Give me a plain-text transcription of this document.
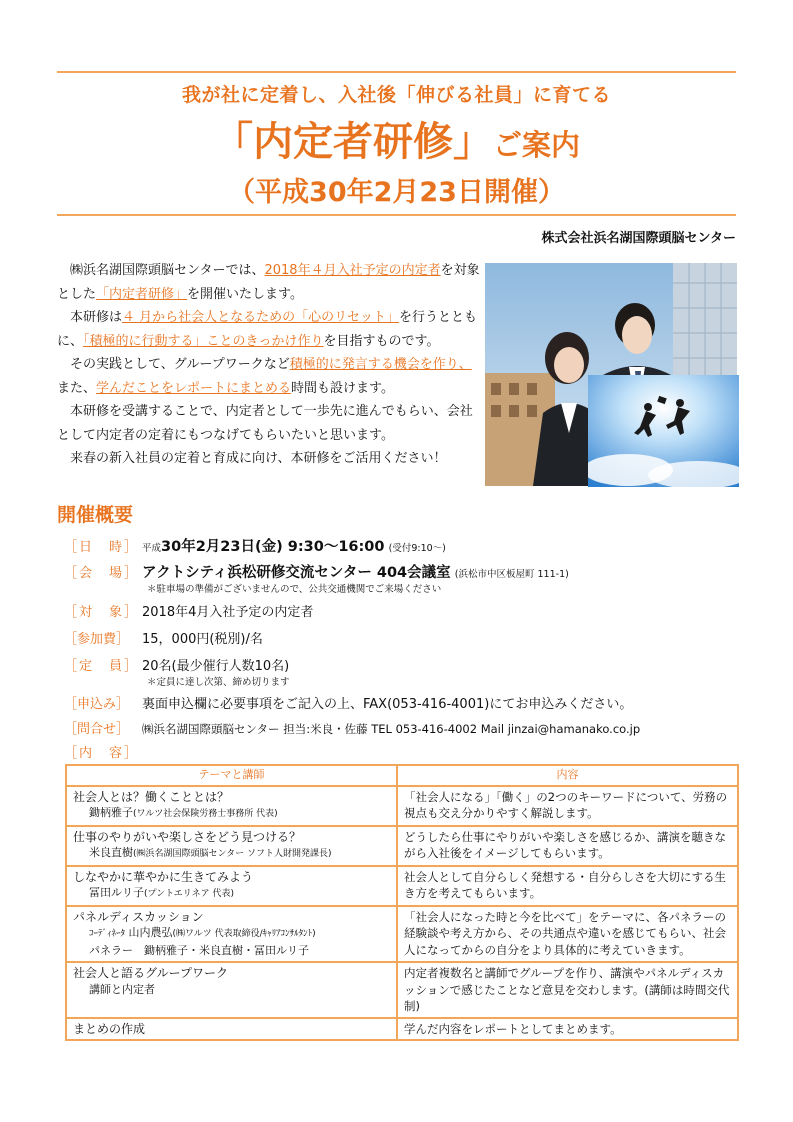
我が社に定着し、入社後「伸びる社員」に育てる
「内定者研修」ご案内
（平成30年2月23日開催）
株式会社浜名湖国際頭脳センター

㈱浜名湖国際頭脳センターでは、2018年４月入社予定の内定者を対象とした「内定者研修」を開催いたします。

本研修は４ 月から社会人となるための「心のリセット」を行うとともに、「積極的に行動する」ことのきっかけ作りを目指すものです。

その実践として、グループワークなど積極的に発言する機会を作り、また、学んだことをレポートにまとめる時間も設けます。

本研修を受講することで、内定者として一歩先に進んでもらい、会社として内定者の定着にもつなげてもらいたいと思います。

来春の新入社員の定着と育成に向け、本研修をご活用ください！

開催概要
［日　時］ 平成30年2月23日(金) 9:30～16:00 (受付9:10～)
［会　場］ アクトシティ浜松研修交流センター 404会議室 (浜松市中区板屋町 111-1)
＊駐車場の準備がございませんので、公共交通機関でご来場ください
［対　象］ 2018年4月入社予定の内定者
［参加費］ 15，000円(税別)/名
［定　員］ 20名(最少催行人数10名)
＊定員に達し次第、締め切ります
［申込み］ 裏面申込欄に必要事項をご記入の上、FAX(053-416-4001)にてお申込みください。
［問合せ］ ㈱浜名湖国際頭脳センター 担当:米良・佐藤 TEL 053-416-4002 Mail jinzai@hamanako.co.jp
［内　容］
テーマと講師	内容

社会人とは？働くこととは？
鋤柄雅子(ワルツ社会保険労務士事務所 代表)	「社会人になる」「働く」の2つのキーワードについて、労務の視点も交え分かりやすく解説します。

仕事のやりがいや楽しさをどう見つける？
米良直樹(㈱浜名湖国際頭脳センター ソフト人財開発課長)	どうしたら仕事にやりがいや楽しさを感じるか、講演を聴きながら入社後をイメージしてもらいます。

しなやかに華やかに生きてみよう
冨田ルリ子(プントエリネア 代表)	社会人として自分らしく発想する・自分らしさを大切にする生き方を考えてもらいます。

パネルディスカッション
ｺｰﾃﾞｨﾈｰﾀ 山内農弘(㈱ワルツ 代表取締役/ｷｬﾘｱｺﾝｻﾙﾀﾝﾄ)
パネラー　 鋤柄雅子・米良直樹・冨田ルリ子	「社会人になった時と今を比べて」をテーマに、各パネラーの経験談や考え方から、その共通点や違いを感じてもらい、社会人になってからの自分をより具体的に考えていきます。

社会人と語るグループワーク
講師と内定者	内定者複数名と講師でグループを作り、講演やパネルディスカッションで感じたことなど意見を交わします。(講師は時間交代制)

まとめの作成	学んだ内容をレポートとしてまとめます。
